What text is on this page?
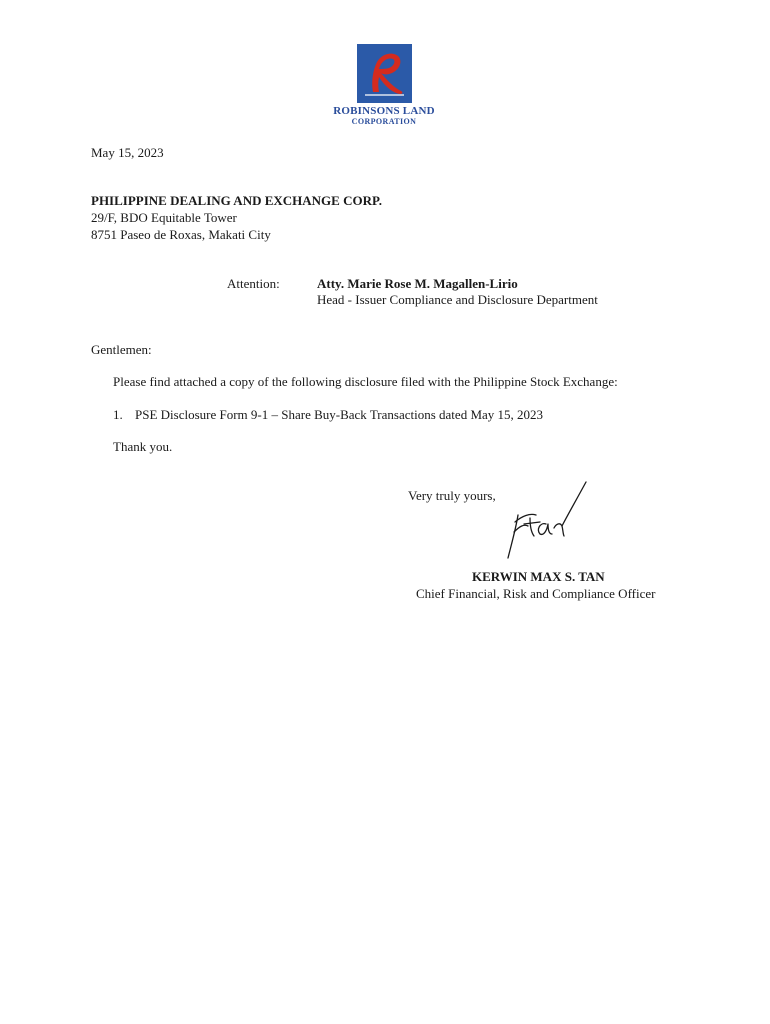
ROBINSONS LAND
CORPORATION
May 15, 2023
PHILIPPINE DEALING AND EXCHANGE CORP.
29/F, BDO Equitable Tower
8751 Paseo de Roxas, Makati City
Attention:	Atty. Marie Rose M. Magallen-Lirio
Head - Issuer Compliance and Disclosure Department
Gentlemen:
Please find attached a copy of the following disclosure filed with the Philippine Stock Exchange:
1. PSE Disclosure Form 9-1 – Share Buy-Back Transactions dated May 15, 2023
Thank you.
Very truly yours,
KERWIN MAX S. TAN
Chief Financial, Risk and Compliance Officer
